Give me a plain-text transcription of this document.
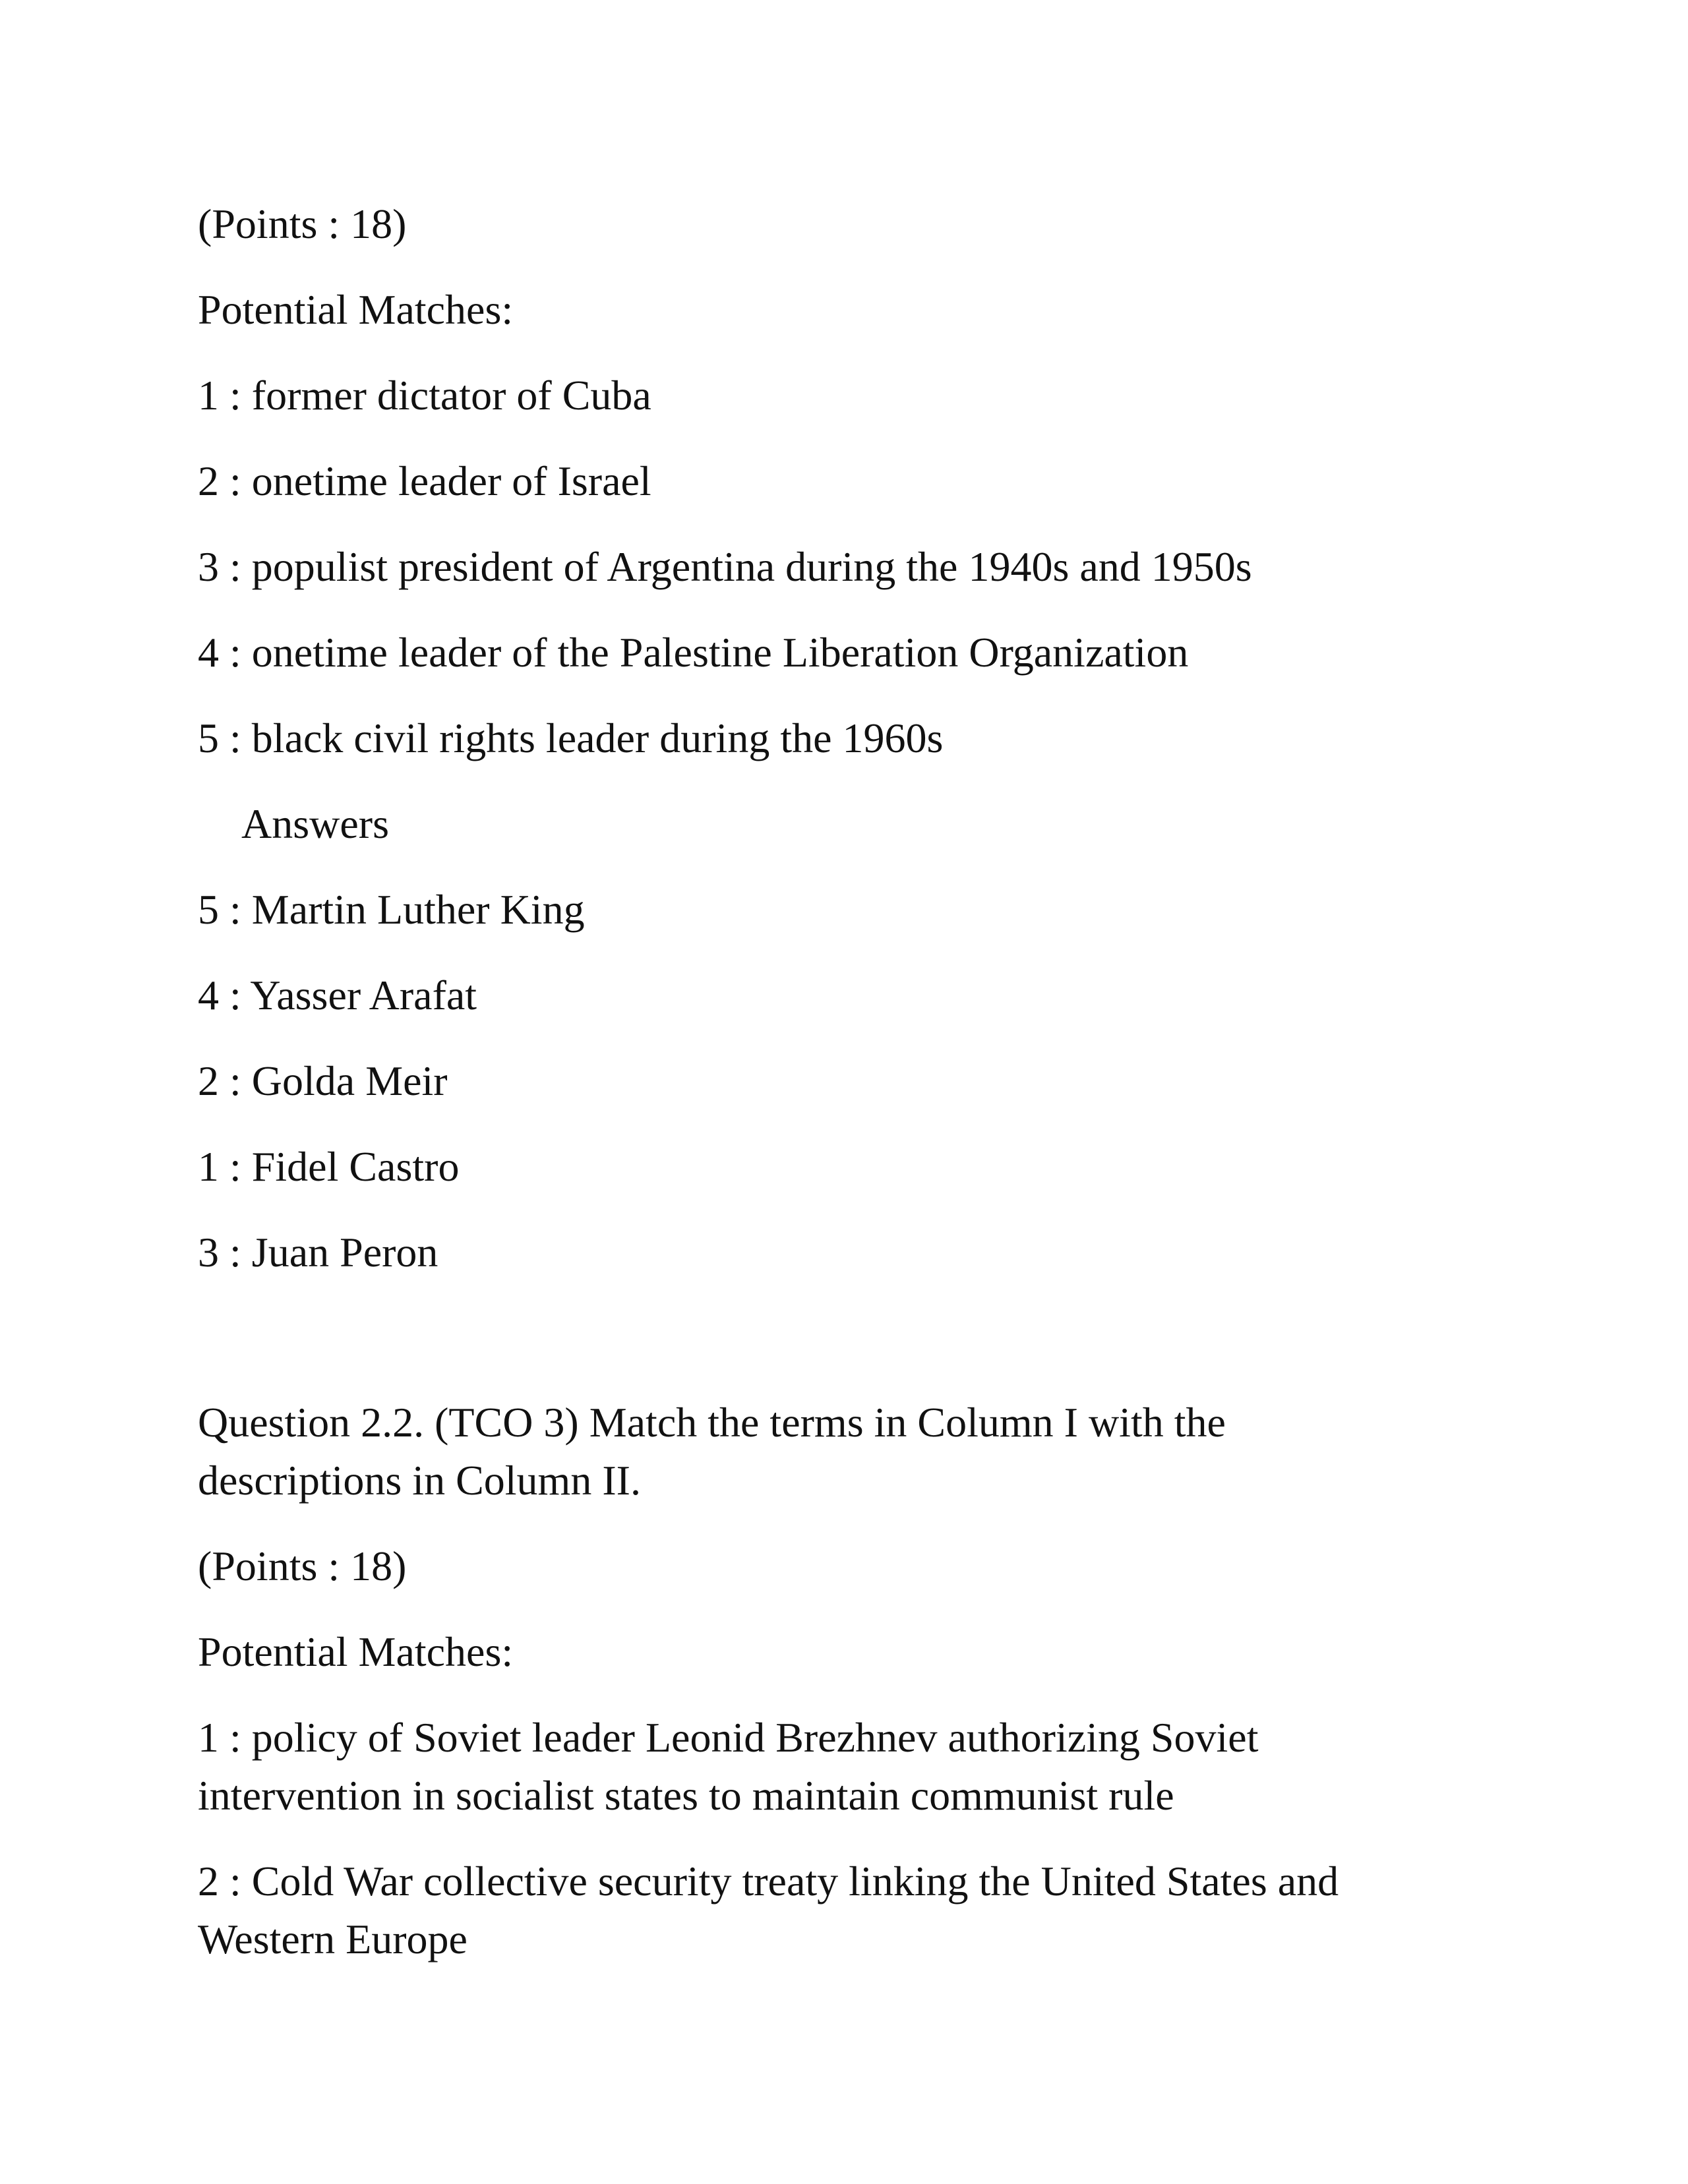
(Points : 18)

Potential Matches:

1 : former dictator of Cuba

2 : onetime leader of Israel

3 : populist president of Argentina during the 1940s and 1950s

4 : onetime leader of the Palestine Liberation Organization

5 : black civil rights leader during the 1960s

Answers

5 : Martin Luther King

4 : Yasser Arafat

2 : Golda Meir

1 : Fidel Castro

3 : Juan Peron

Question 2.2. (TCO 3) Match the terms in Column I with the

descriptions in Column II.

(Points : 18)

Potential Matches:

1 : policy of Soviet leader Leonid Brezhnev authorizing Soviet

intervention in socialist states to maintain communist rule

2 : Cold War collective security treaty linking the United States and

Western Europe
